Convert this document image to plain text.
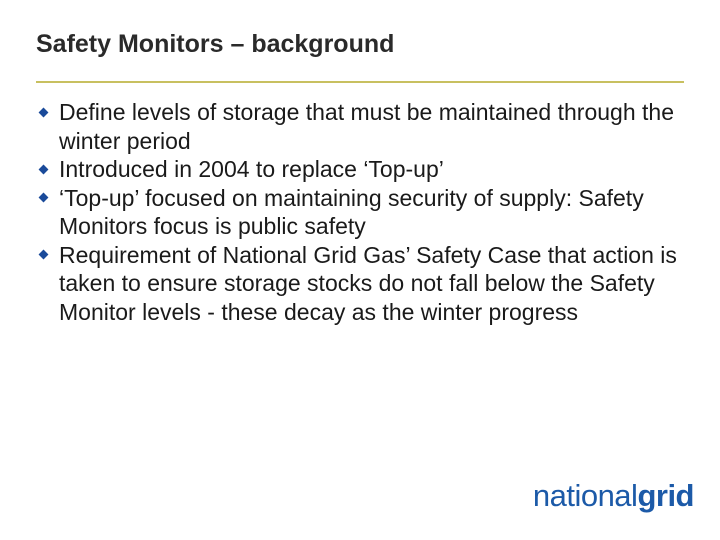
Safety Monitors – background
Define levels of storage that must be maintained through the winter period
Introduced in 2004 to replace ‘Top-up’
‘Top-up’ focused on maintaining security of supply: Safety Monitors focus is public safety
Requirement of National Grid Gas’ Safety Case that action is taken to ensure storage stocks do not fall below the Safety Monitor levels - these decay as the winter progress
nationalgrid
